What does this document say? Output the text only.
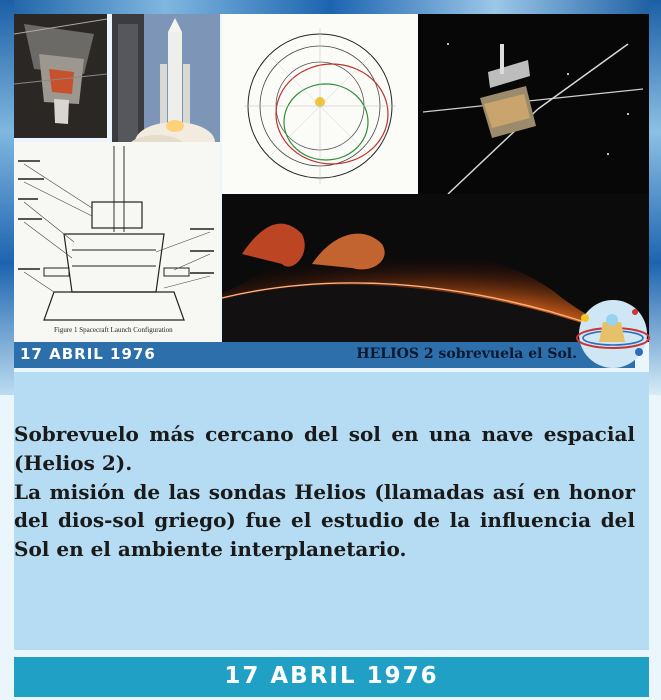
Figure 1 Spacecraft Launch Configuration
17 ABRIL 1976	HELIOS 2 sobrevuela el Sol.

Sobrevuelo más cercano del sol en una nave espacial (Helios 2).

La misión de las sondas Helios (llamadas así en honor del dios-sol griego) fue el estudio de la influencia del Sol en el ambiente interplanetario.

17 ABRIL 1976
